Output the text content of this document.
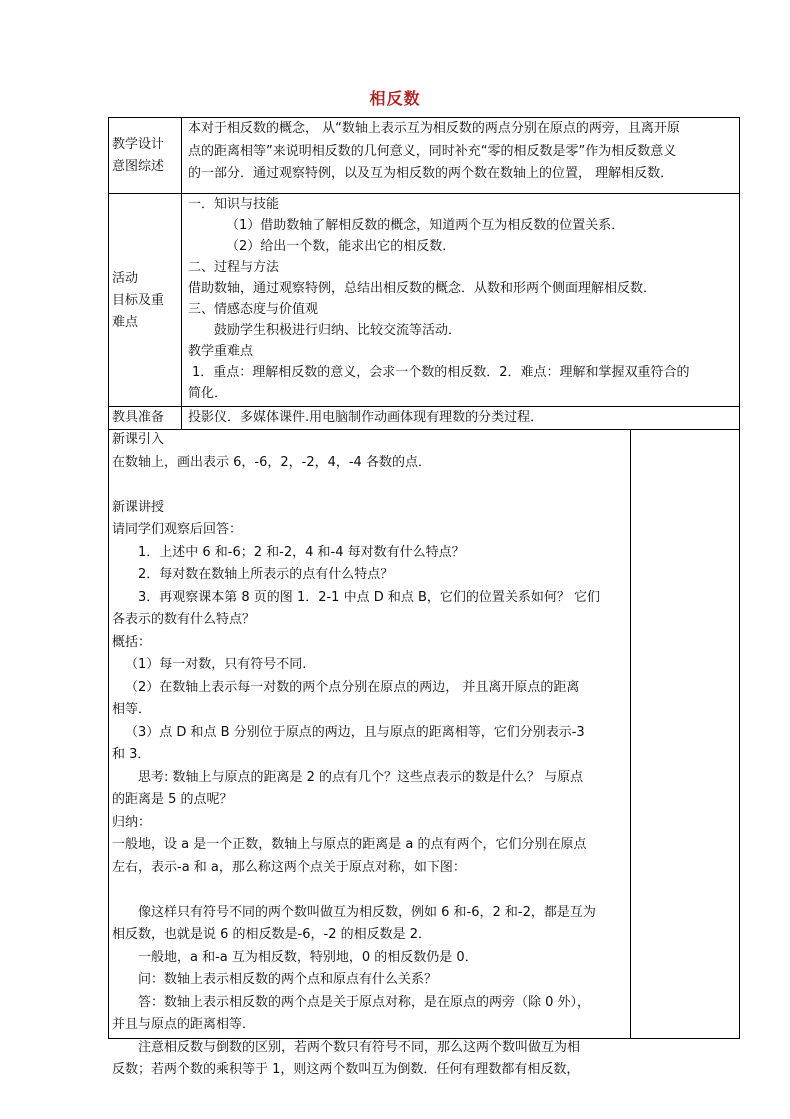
相反数
教学设计
意图综述
本对于相反数的概念， 从“数轴上表示互为相反数的两点分别在原点的两旁，且离开原
点的距离相等”来说明相反数的几何意义，同时补充“零的相反数是零”作为相反数意义
的一部分．通过观察特例，以及互为相反数的两个数在数轴上的位置， 理解相反数．
活动
目标及重
难点
一．知识与技能
（1）借助数轴了解相反数的概念，知道两个互为相反数的位置关系．
（2）给出一个数，能求出它的相反数．
二、过程与方法
借助数轴，通过观察特例，总结出相反数的概念．从数和形两个侧面理解相反数．
三、情感态度与价值观
鼓励学生积极进行归纳、比较交流等活动．
教学重难点
1．重点：理解相反数的意义，会求一个数的相反数．2．难点：理解和掌握双重符合的
简化．
教具准备	投影仪．多媒体课件.用电脑制作动画体现有理数的分类过程．
新课引入
在数轴上，画出表示 6，-6，2，-2，4，-4 各数的点．
新课讲授
请同学们观察后回答：
1．上述中 6 和-6；2 和-2，4 和-4 每对数有什么特点？
2．每对数在数轴上所表示的点有什么特点？
3．再观察课本第 8 页的图 1．2-1 中点 D 和点 B，它们的位置关系如何？ 它们
各表示的数有什么特点？
概括：
（1）每一对数，只有符号不同.
（2）在数轴上表示每一对数的两个点分别在原点的两边， 并且离开原点的距离
相等．
（3）点 D 和点 B 分别位于原点的两边，且与原点的距离相等，它们分别表示-3
和 3．
思考: 数轴上与原点的距离是 2 的点有几个？这些点表示的数是什么？ 与原点
的距离是 5 的点呢？
归纳：
一般地，设 a 是一个正数，数轴上与原点的距离是 a 的点有两个，它们分别在原点
左右，表示-a 和 a，那么称这两个点关于原点对称，如下图：
像这样只有符号不同的两个数叫做互为相反数，例如 6 和-6，2 和-2，都是互为
相反数，也就是说 6 的相反数是-6，-2 的相反数是 2．
一般地，a 和-a 互为相反数，特别地，0 的相反数仍是 0．
问：数轴上表示相反数的两个点和原点有什么关系？
答：数轴上表示相反数的两个点是关于原点对称，是在原点的两旁（除 0 外），
并且与原点的距离相等．
注意相反数与倒数的区别，若两个数只有符号不同，那么这两个数叫做互为相
反数；若两个数的乘积等于 1，则这两个数叫互为倒数．任何有理数都有相反数，
